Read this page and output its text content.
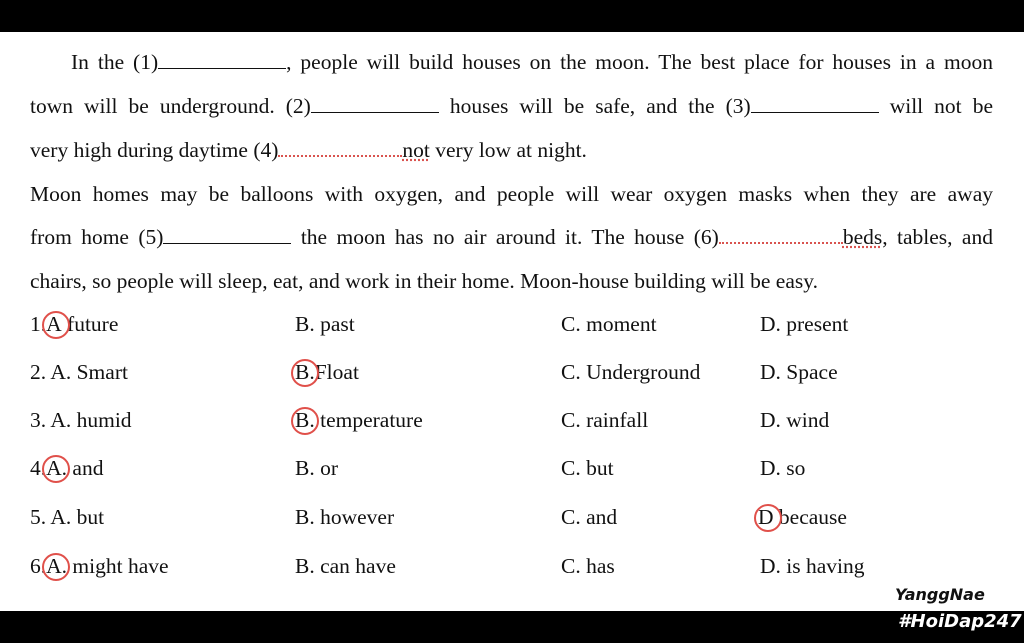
In the (1)	, people will build houses on the moon. The best place for houses in a moon
town will be underground. (2)	houses will be safe, and the (3)	will not be
very high during daytime (4)	not very low at night.
Moon homes may be balloons with oxygen, and people will wear oxygen masks when they are away
from home (5)	the moon has no air around it. The house (6)	beds, tables, and
chairs, so people will sleep, eat, and work in their home. Moon-house building will be easy.
1.A future	B. past	C. moment	D. present
2. A. Smart	B.Float	C. Underground	D. Space
3. A. humid	B. temperature	C. rainfall	D. wind
4.A. and	B. or	C. but	D. so
5. A. but	B. however	C. and	D because
6.A. might have	B. can have	C. has	D. is having
YanggNae
#HoiDap247
